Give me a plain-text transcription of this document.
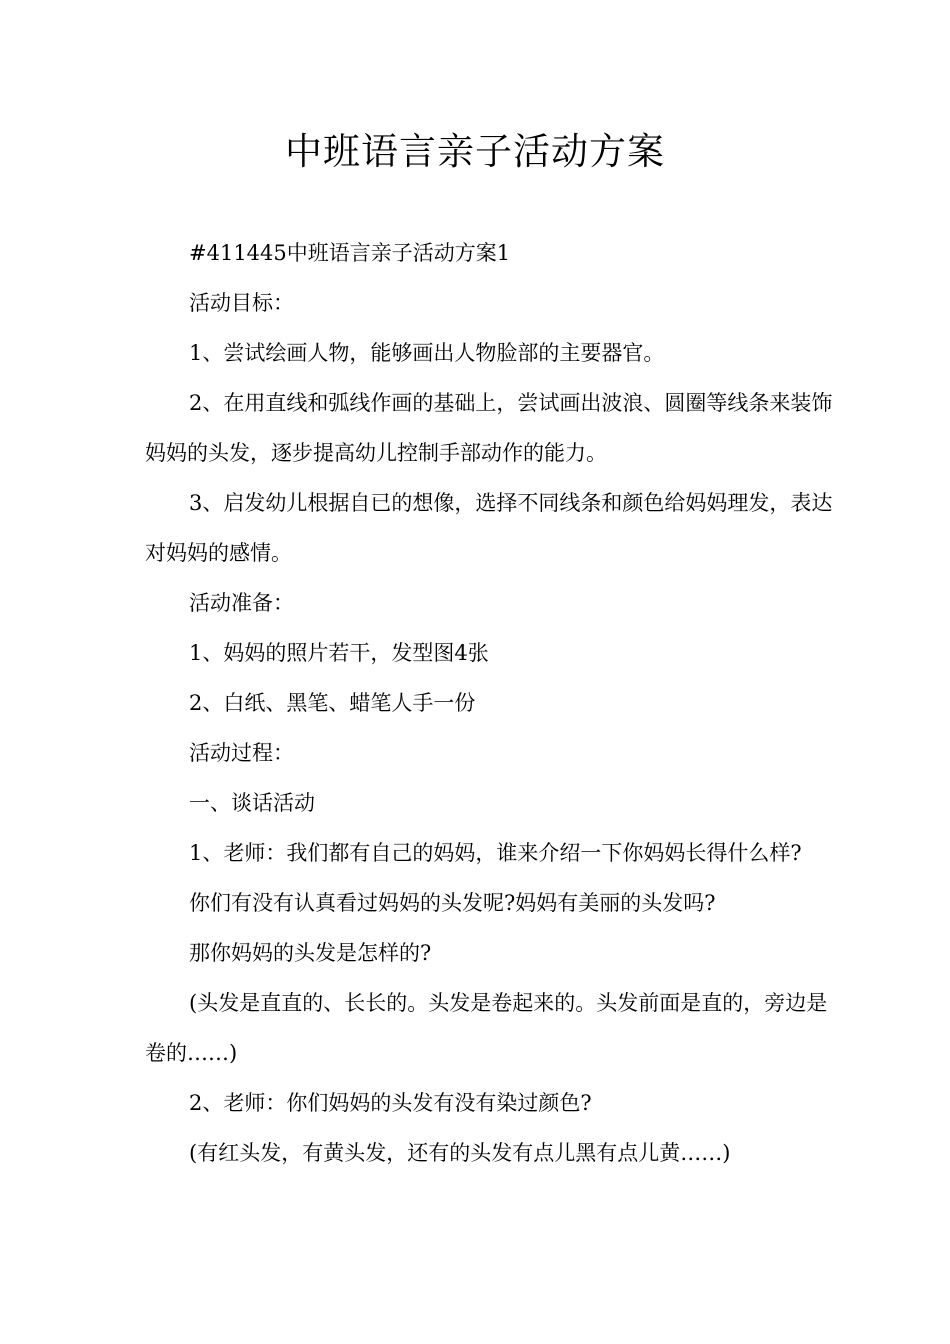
中班语言亲子活动方案

#411445中班语言亲子活动方案1

活动目标：

1、尝试绘画人物，能够画出人物脸部的主要器官。

2、在用直线和弧线作画的基础上，尝试画出波浪、圆圈等线条来装饰妈妈的头发，逐步提高幼儿控制手部动作的能力。

3、启发幼儿根据自已的想像，选择不同线条和颜色给妈妈理发，表达对妈妈的感情。

活动准备：

1、妈妈的照片若干，发型图4张

2、白纸、黑笔、蜡笔人手一份

活动过程：

一、谈话活动

1、老师：我们都有自己的妈妈，谁来介绍一下你妈妈长得什么样?

你们有没有认真看过妈妈的头发呢?妈妈有美丽的头发吗?

那你妈妈的头发是怎样的?

(头发是直直的、长长的。头发是卷起来的。头发前面是直的，旁边是卷的……)

2、老师：你们妈妈的头发有没有染过颜色?

(有红头发，有黄头发，还有的头发有点儿黑有点儿黄……)
